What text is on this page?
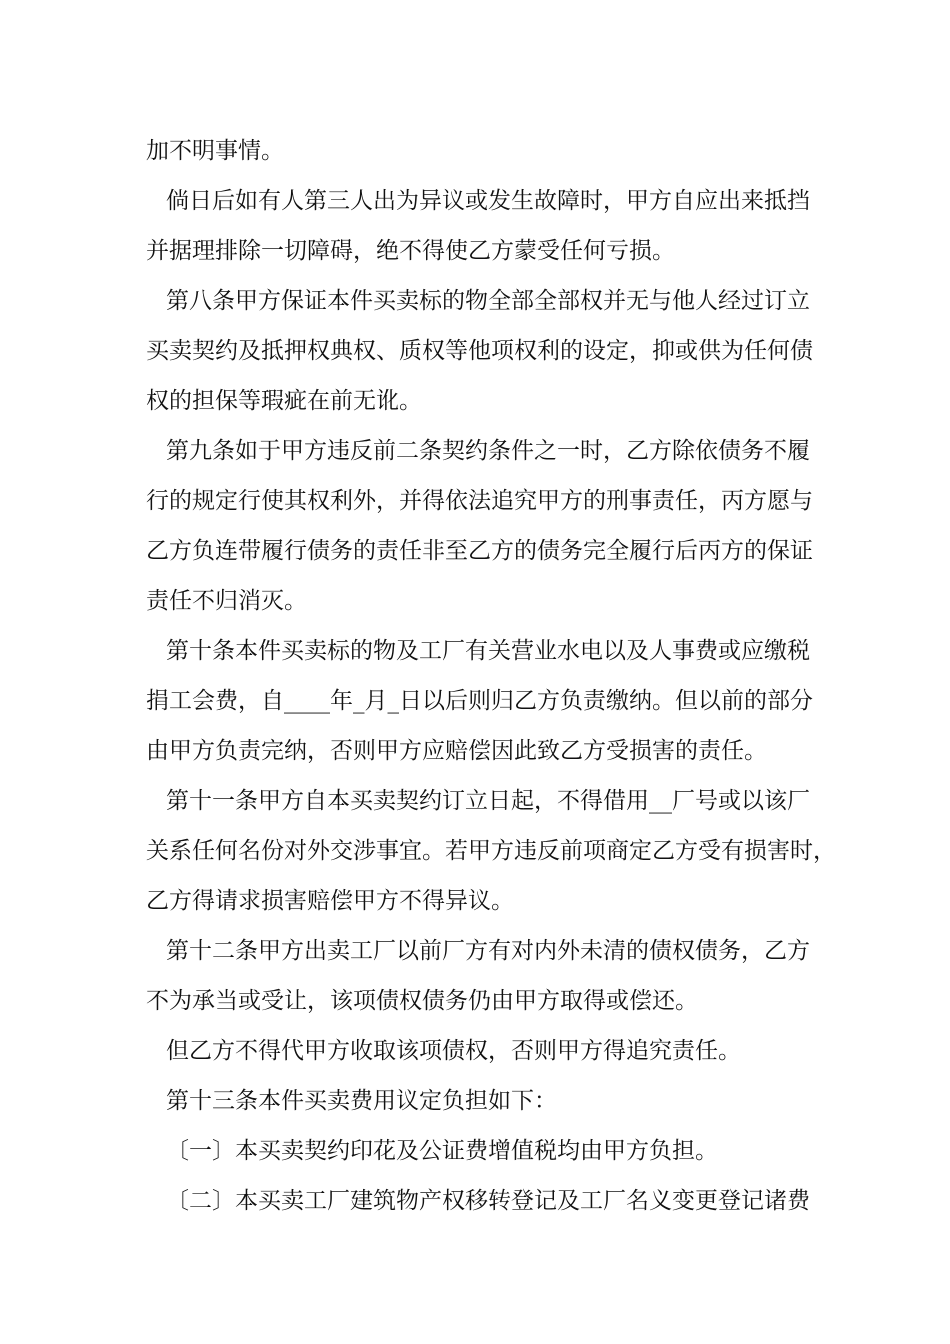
加不明事情。

倘日后如有人第三人出为异议或发生故障时，甲方自应出来抵挡

并据理排除一切障碍，绝不得使乙方蒙受任何亏损。

第八条甲方保证本件买卖标的物全部全部权并无与他人经过订立

买卖契约及抵押权典权、质权等他项权利的设定，抑或供为任何债

权的担保等瑕疵在前无讹。

第九条如于甲方违反前二条契约条件之一时，乙方除依债务不履

行的规定行使其权利外，并得依法追究甲方的刑事责任，丙方愿与

乙方负连带履行债务的责任非至乙方的债务完全履行后丙方的保证

责任不归消灭。

第十条本件买卖标的物及工厂有关营业水电以及人事费或应缴税

捐工会费，自____年_月_日以后则归乙方负责缴纳。但以前的部分

由甲方负责完纳，否则甲方应赔偿因此致乙方受损害的责任。

第十一条甲方自本买卖契约订立日起，不得借用__厂号或以该厂

关系任何名份对外交涉事宜。若甲方违反前项商定乙方受有损害时，

乙方得请求损害赔偿甲方不得异议。

第十二条甲方出卖工厂以前厂方有对内外未清的债权债务，乙方

不为承当或受让，该项债权债务仍由甲方取得或偿还。

但乙方不得代甲方收取该项债权，否则甲方得追究责任。

第十三条本件买卖费用议定负担如下：

〔一〕本买卖契约印花及公证费增值税均由甲方负担。

〔二〕本买卖工厂建筑物产权移转登记及工厂名义变更登记诸费
